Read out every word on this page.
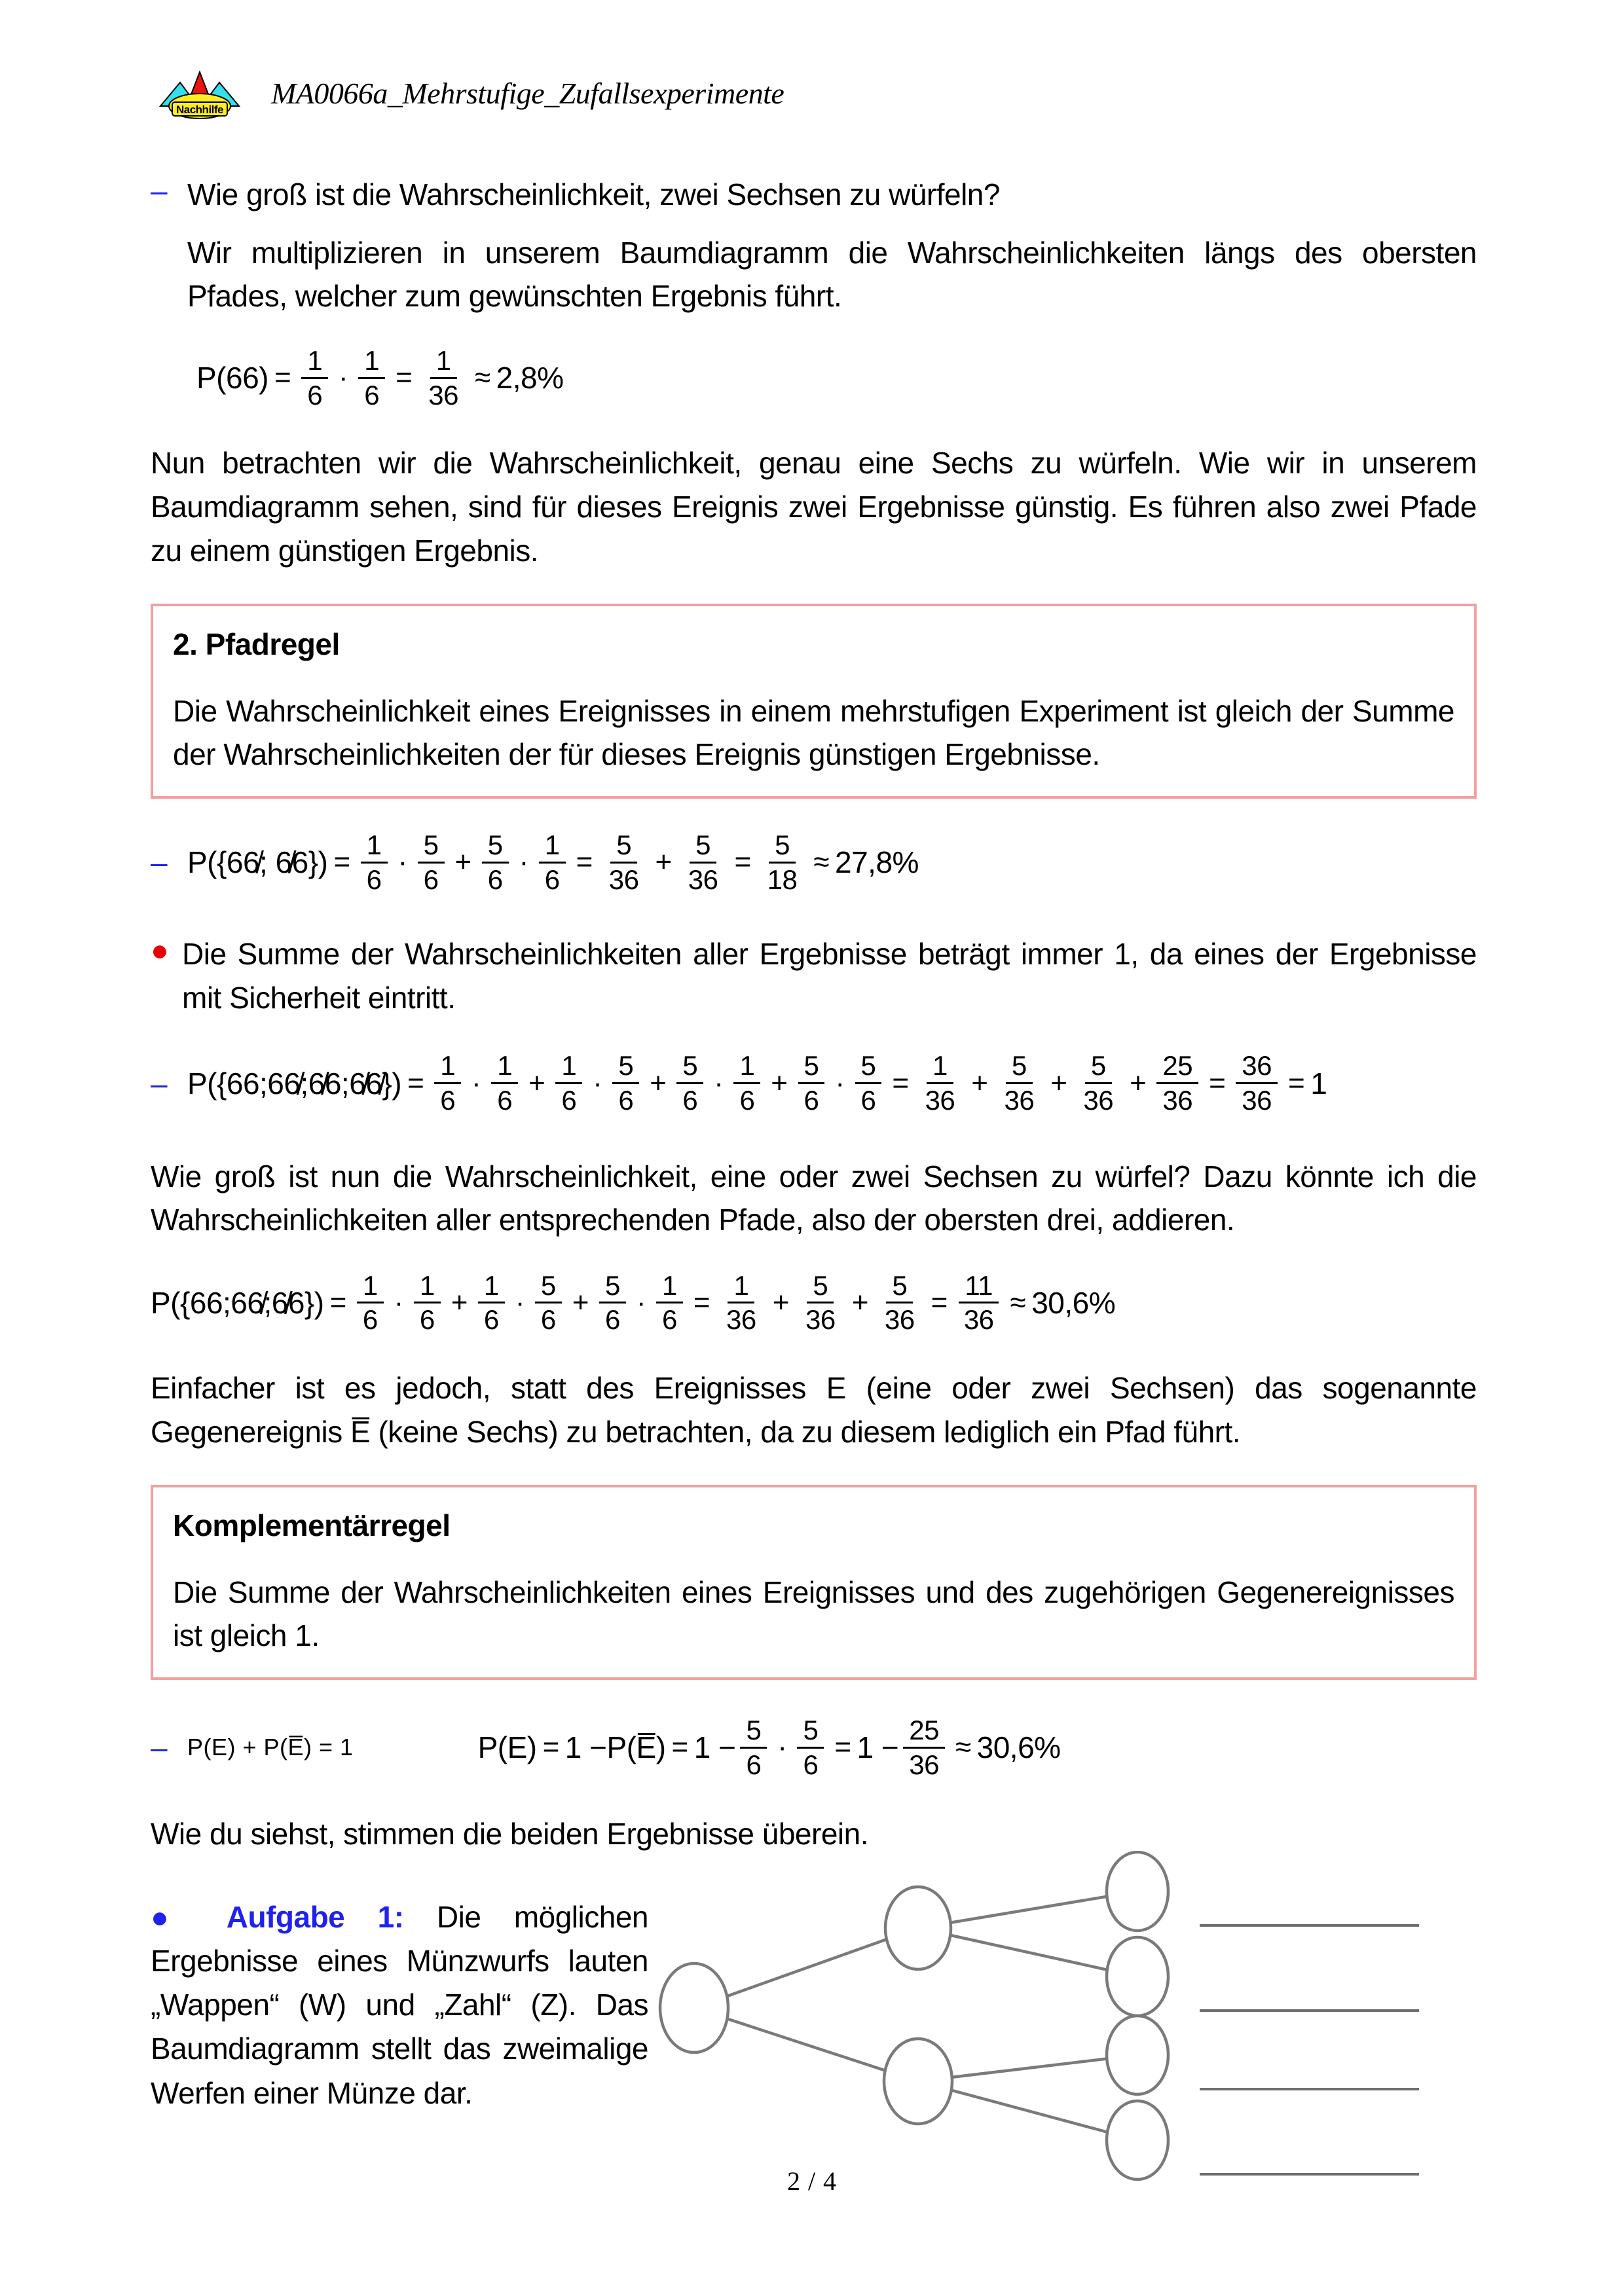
Nachhilfe MA0066a_Mehrstufige_Zufallsexperimente
– Wie groß ist die Wahrscheinlichkeit, zwei Sechsen zu würfeln?

Wir multiplizieren in unserem Baumdiagramm die Wahrscheinlichkeiten längs des obersten Pfades, welcher zum gewünschten Ergebnis führt.

$P(66) = \frac{1}{6} \cdot \frac{1}{6} = \frac{1}{36} \approx 2,8\%$

Nun betrachten wir die Wahrscheinlichkeit, genau eine Sechs zu würfeln. Wie wir in unserem Baumdiagramm sehen, sind für dieses Ereignis zwei Ergebnisse günstig. Es führen also zwei Pfade zu einem günstigen Ergebnis.

2. Pfadregel

Die Wahrscheinlichkeit eines Ereignisses in einem mehrstufigen Experiment ist gleich der Summe der Wahrscheinlichkeiten der für dieses Ereignis günstigen Ergebnisse.

– P({66̸; 6̸6}) = $\frac{1}{6}$ ·
5
6
+ $\frac{5}{6} \cdot \frac{1}{6} = \frac{5}{36} + \frac{5}{36} = \frac{5}{18} \approx 27,8\%$
● Die Summe der Wahrscheinlichkeiten aller Ergebnisse beträgt immer 1, da eines der Ergebnisse mit Sicherheit eintritt.

– P({66;66̸;6̸6;6̸6̸}) = $\frac{1}{6}$ ·
1
6
+ $\frac{1}{6}$ ·
5
6
+ $\frac{5}{6}$ ·
1
6
+ $\frac{5}{6} \cdot \frac{5}{6} = \frac{1}{36} + \frac{5}{36} + \frac{5}{36} + \frac{25}{36} = \frac{36}{36} = 1$

Wie groß ist nun die Wahrscheinlichkeit, eine oder zwei Sechsen zu würfel? Dazu könnte ich die Wahrscheinlichkeiten aller entsprechenden Pfade, also der obersten drei, addieren.

P({66;66̸;6̸6}) = $\frac{1}{6}$ ·
1
6
+ $\frac{1}{6}$ ·
5
6
+ $\frac{5}{6} \cdot \frac{1}{6} = \frac{1}{36} + \frac{5}{36} + \frac{5}{36} = \frac{11}{36} \approx 30,6\%$

Einfacher ist es jedoch, statt des Ereignisses E (eine oder zwei Sechsen) das sogenannte Gegenereignis E̅ (keine Sechs) zu betrachten, da zu diesem lediglich ein Pfad führt.

Komplementärregel

Die Summe der Wahrscheinlichkeiten eines Ereignisses und des zugehörigen Gegenereignisses ist gleich 1.

– P(E) + P(E̅) = 1	P(E) = 1 − P(E̅) = $1 - \frac{5}{6} \cdot \frac{5}{6} = 1 - \frac{25}{36} \approx 30,6\%$

Wie du siehst, stimmen die beiden Ergebnisse überein.

● Aufgabe 1: Die möglichen Ergebnisse eines Münzwurfs lauten „Wappen“ (W) und „Zahl“ (Z). Das Baumdiagramm stellt das zweimalige Werfen einer Münze dar.
2 / 4
